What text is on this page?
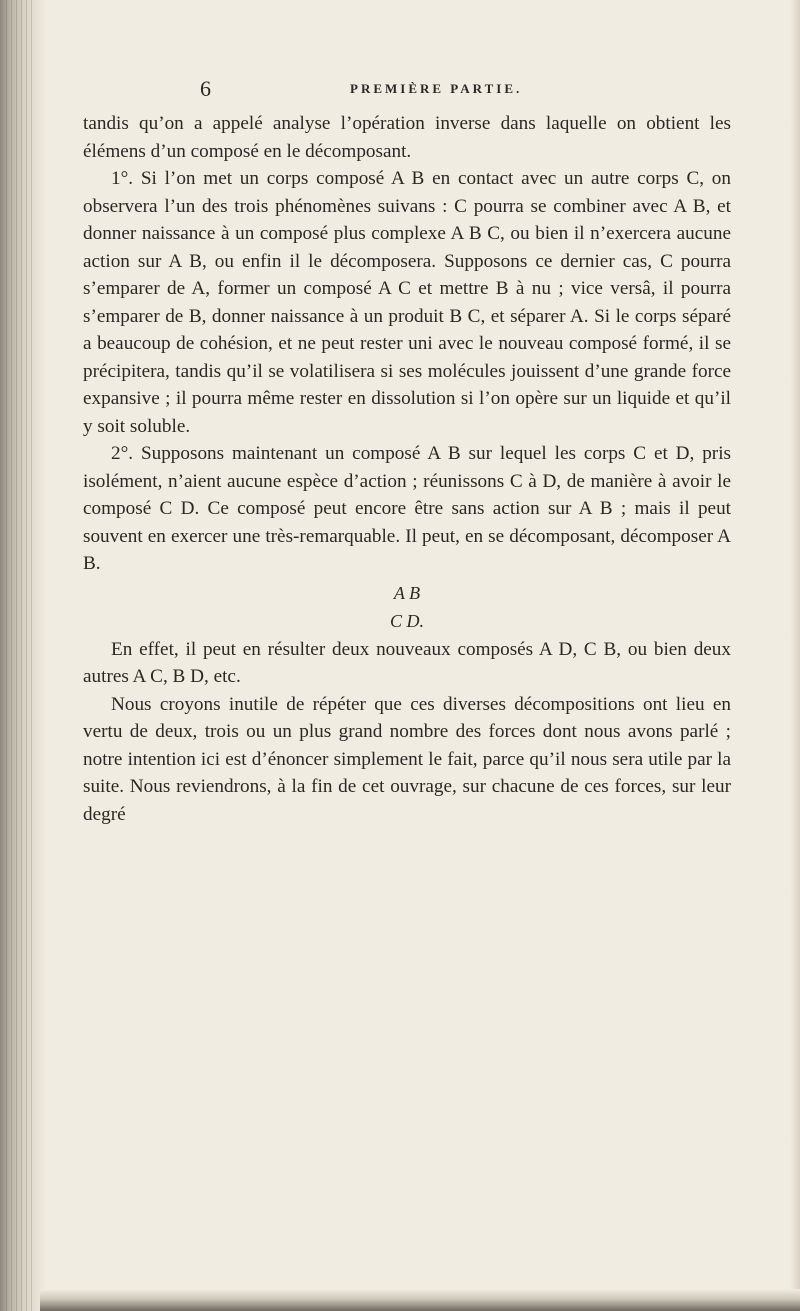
6	PREMIÈRE PARTIE.

tandis qu’on a appelé analyse l’opération inverse dans laquelle on obtient les élémens d’un composé en le décomposant.

1°. Si l’on met un corps composé A B en contact avec un autre corps C, on observera l’un des trois phénomènes suivans : C pourra se combiner avec A B, et donner naissance à un composé plus complexe A B C, ou bien il n’exercera aucune action sur A B, ou enfin il le décomposera. Supposons ce dernier cas, C pourra s’emparer de A, former un composé A C et mettre B à nu ; vice versâ, il pourra s’emparer de B, donner naissance à un produit B C, et séparer A. Si le corps séparé a beaucoup de cohésion, et ne peut rester uni avec le nouveau composé formé, il se précipitera, tandis qu’il se volatilisera si ses molécules jouissent d’une grande force expansive ; il pourra même rester en dissolution si l’on opère sur un liquide et qu’il y soit soluble.

2°. Supposons maintenant un composé A B sur lequel les corps C et D, pris isolément, n’aient aucune espèce d’action ; réunissons C à D, de manière à avoir le composé C D. Ce composé peut encore être sans action sur A B ; mais il peut souvent en exercer une très-remarquable. Il peut, en se décomposant, décomposer A B.

A B
C D.

En effet, il peut en résulter deux nouveaux composés A D, C B, ou bien deux autres A C, B D, etc.

Nous croyons inutile de répéter que ces diverses décompositions ont lieu en vertu de deux, trois ou un plus grand nombre des forces dont nous avons parlé ; notre intention ici est d’énoncer simplement le fait, parce qu’il nous sera utile par la suite. Nous reviendrons, à la fin de cet ouvrage, sur chacune de ces forces, sur leur degré
